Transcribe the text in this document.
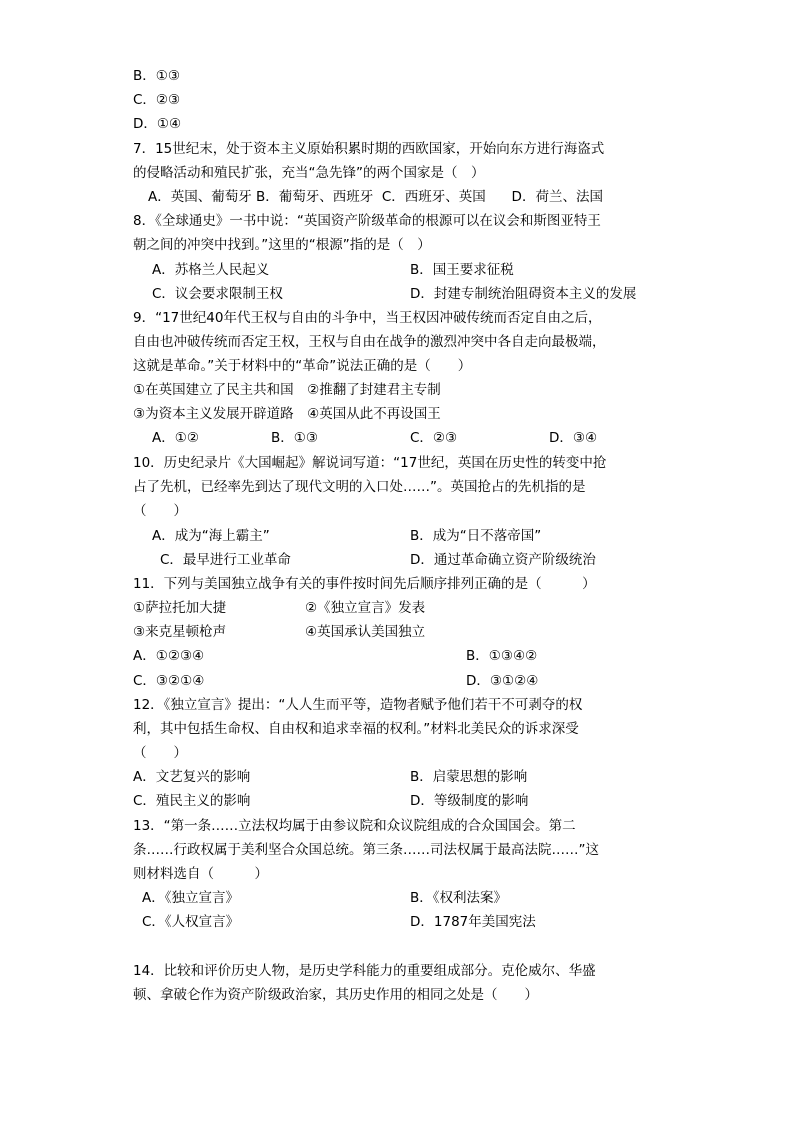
B．①③
C．②③
D．①④
7．15世纪末，处于资本主义原始积累时期的西欧国家，开始向东方进行海盗式
的侵略活动和殖民扩张，充当“急先锋”的两个国家是（　）
A．英国、葡萄牙 B．葡萄牙、西班牙  C．西班牙、英国      D．荷兰、法国
8．《全球通史》一书中说：“英国资产阶级革命的根源可以在议会和斯图亚特王
朝之间的冲突中找到。”这里的“根源”指的是（　）
A．苏格兰人民起义	B．国王要求征税
C．议会要求限制王权	D．封建专制统治阻碍资本主义的发展
9．“17世纪40年代王权与自由的斗争中，当王权因冲破传统而否定自由之后，
自由也冲破传统而否定王权，王权与自由在战争的激烈冲突中各自走向最极端，
这就是革命。”关于材料中的“革命”说法正确的是（　　）
①在英国建立了民主共和国　②推翻了封建君主专制
③为资本主义发展开辟道路　④英国从此不再设国王
A．①②	B．①③	C．②③	D．③④
10．历史纪录片《大国崛起》解说词写道：“17世纪，英国在历史性的转变中抢
占了先机，已经率先到达了现代文明的入口处……”。英国抢占的先机指的是
（　　）
A．成为“海上霸主”	B．成为“日不落帝国”
C．最早进行工业革命	D．通过革命确立资产阶级统治
11．下列与美国独立战争有关的事件按时间先后顺序排列正确的是（　　　）
①萨拉托加大捷	②《独立宣言》发表
③来克星顿枪声	④英国承认美国独立
A．①②③④	B．①③④②
C．③②①④	D．③①②④
12．《独立宣言》提出：“人人生而平等，造物者赋予他们若干不可剥夺的权
利，其中包括生命权、自由权和追求幸福的权利。”材料北美民众的诉求深受
（　　）
A．文艺复兴的影响	B．启蒙思想的影响
C．殖民主义的影响	D．等级制度的影响
13．“第一条……立法权均属于由参议院和众议院组成的合众国国会。第二
条……行政权属于美利坚合众国总统。第三条……司法权属于最高法院……”这
则材料选自（　　　）
A．《独立宣言》	B．《权利法案》
C．《人权宣言》	D．1787年美国宪法
14．比较和评价历史人物，是历史学科能力的重要组成部分。克伦威尔、华盛
顿、拿破仑作为资产阶级政治家，其历史作用的相同之处是（　　）
